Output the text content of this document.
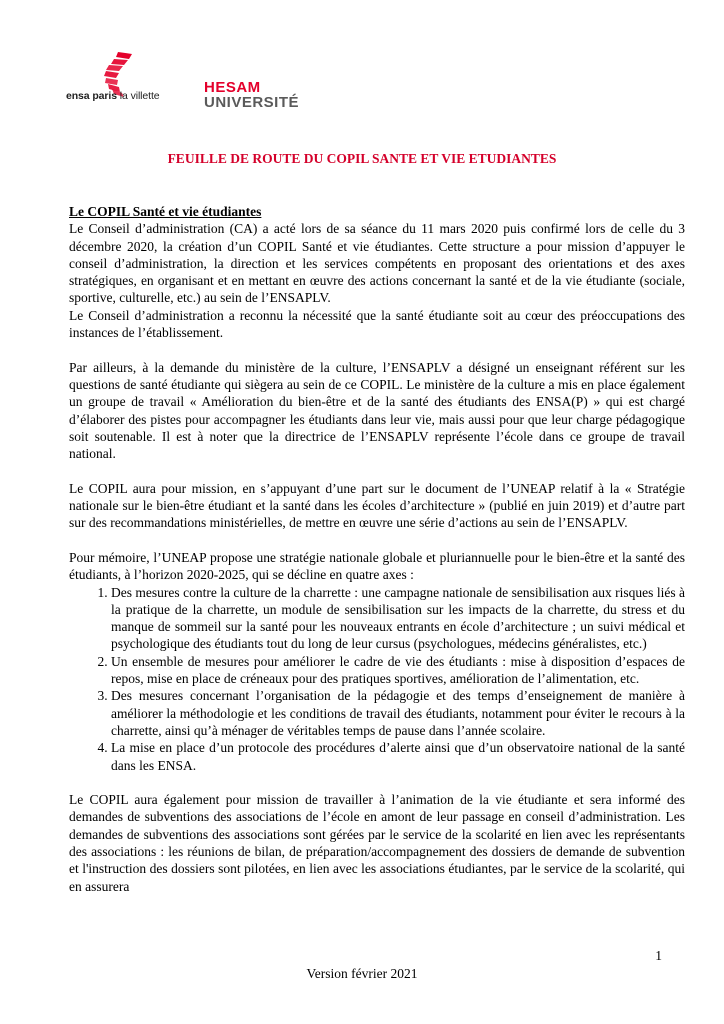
ensa paris la villette	HESAM
UNIVERSITÉ
FEUILLE DE ROUTE DU COPIL SANTE ET VIE ETUDIANTES

Le COPIL Santé et vie étudiantes

Le Conseil d’administration (CA) a acté lors de sa séance du 11 mars 2020 puis confirmé lors de celle du 3 décembre 2020, la création d’un COPIL Santé et vie étudiantes. Cette structure a pour mission d’appuyer le conseil d’administration, la direction et les services compétents en proposant des orientations et des axes stratégiques, en organisant et en mettant en œuvre des actions concernant la santé et de la vie étudiante (sociale, sportive, culturelle, etc.) au sein de l’ENSAPLV.

Le Conseil d’administration a reconnu la nécessité que la santé étudiante soit au cœur des préoccupations des instances de l’établissement.

Par ailleurs, à la demande du ministère de la culture, l’ENSAPLV a désigné un enseignant référent sur les questions de santé étudiante qui siègera au sein de ce COPIL. Le ministère de la culture a mis en place également un groupe de travail « Amélioration du bien-être et de la santé des étudiants des ENSA(P) » qui est chargé d’élaborer des pistes pour accompagner les étudiants dans leur vie, mais aussi pour que leur charge pédagogique soit soutenable. Il est à noter que la directrice de l’ENSAPLV représente l’école dans ce groupe de travail national.

Le COPIL aura pour mission, en s’appuyant d’une part sur le document de l’UNEAP relatif à la « Stratégie nationale sur le bien-être étudiant et la santé dans les écoles d’architecture » (publié en juin 2019) et d’autre part sur des recommandations ministérielles, de mettre en œuvre une série d’actions au sein de l’ENSAPLV.

Pour mémoire, l’UNEAP propose une stratégie nationale globale et pluriannuelle pour le bien-être et la santé des étudiants, à l’horizon 2020-2025, qui se décline en quatre axes :

1. Des mesures contre la culture de la charrette : une campagne nationale de sensibilisation aux risques liés à la pratique de la charrette, un module de sensibilisation sur les impacts de la charrette, du stress et du manque de sommeil sur la santé pour les nouveaux entrants en école d’architecture ; un suivi médical et psychologique des étudiants tout du long de leur cursus (psychologues, médecins généralistes, etc.)
2. Un ensemble de mesures pour améliorer le cadre de vie des étudiants : mise à disposition d’espaces de repos, mise en place de créneaux pour des pratiques sportives, amélioration de l’alimentation, etc.
3. Des mesures concernant l’organisation de la pédagogie et des temps d’enseignement de manière à améliorer la méthodologie et les conditions de travail des étudiants, notamment pour éviter le recours à la charrette, ainsi qu’à ménager de véritables temps de pause dans l’année scolaire.
4. La mise en place d’un protocole des procédures d’alerte ainsi que d’un observatoire national de la santé dans les ENSA.

Le COPIL aura également pour mission de travailler à l’animation de la vie étudiante et sera informé des demandes de subventions des associations de l’école en amont de leur passage en conseil d’administration. Les demandes de subventions des associations sont gérées par le service de la scolarité en lien avec les représentants des associations : les réunions de bilan, de préparation/accompagnement des dossiers de demande de subvention et l'instruction des dossiers sont pilotées, en lien avec les associations étudiantes, par le service de la scolarité, qui en assurera

1
Version février 2021
